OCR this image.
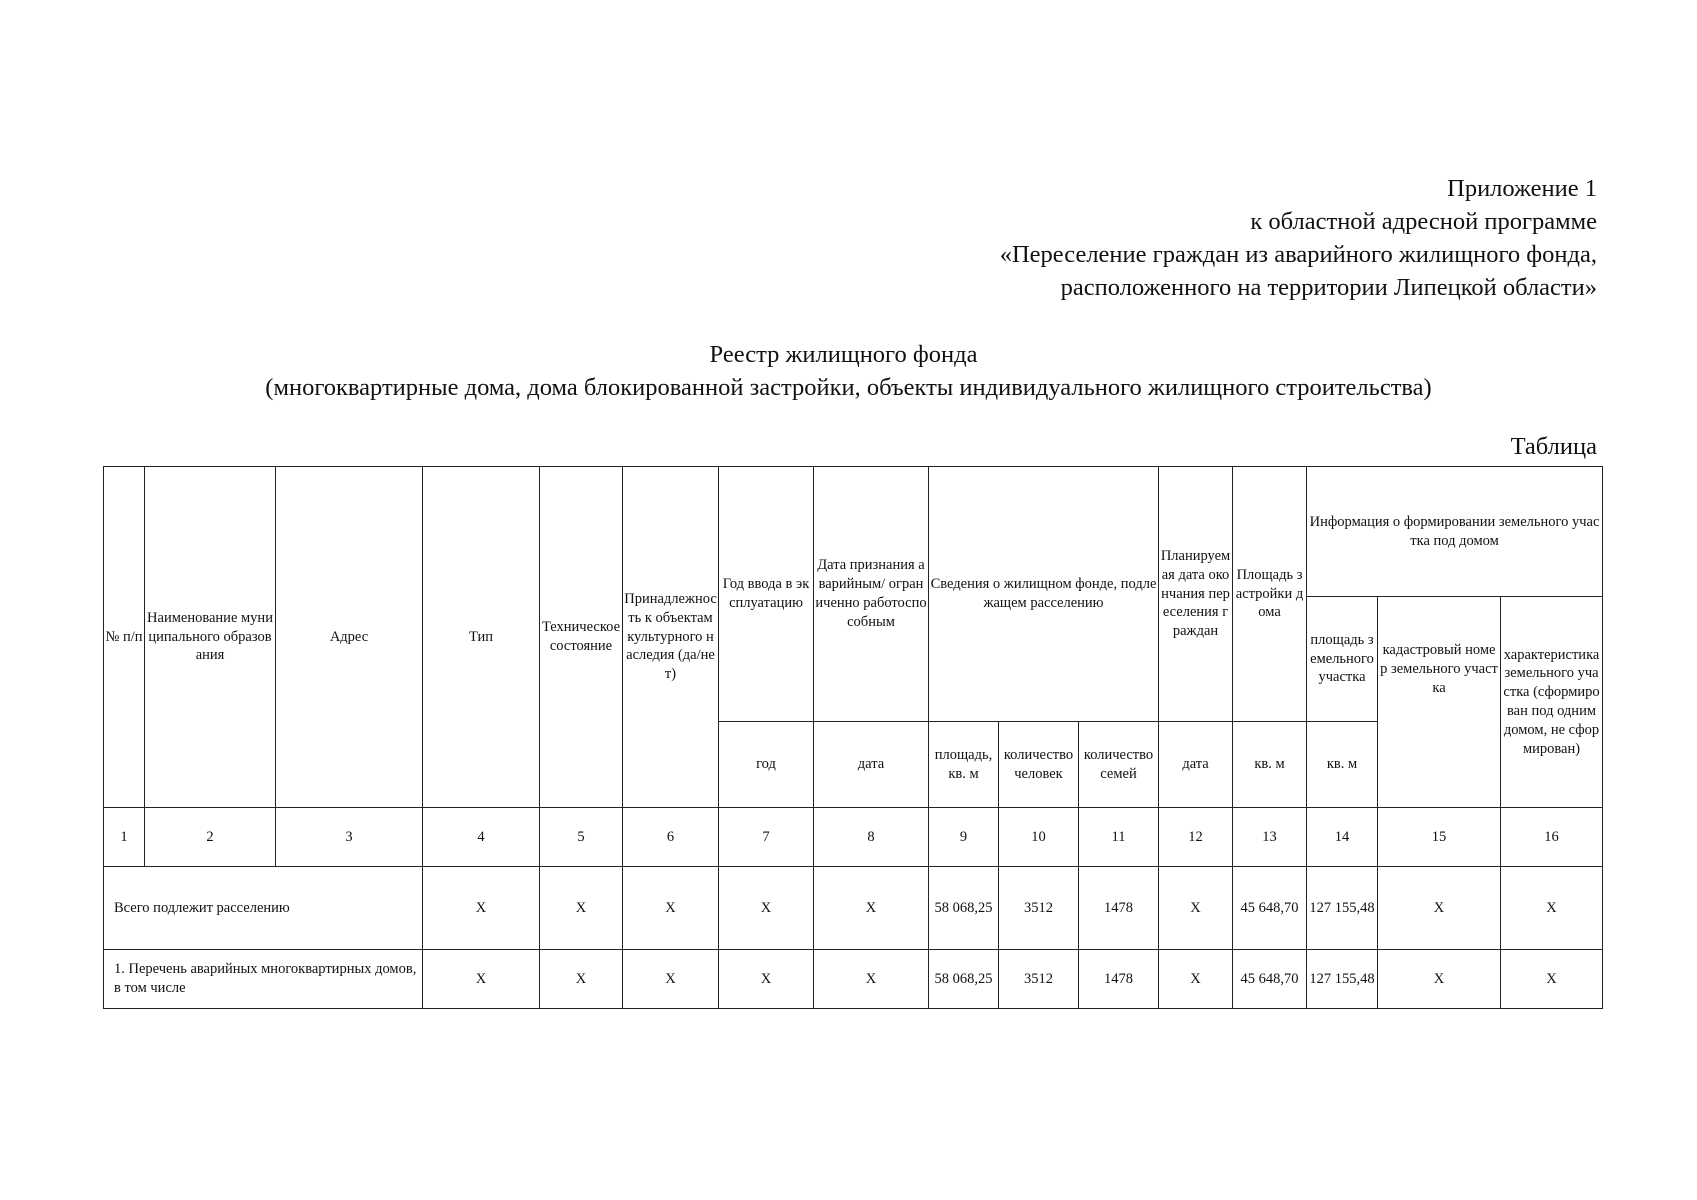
Приложение 1
к областной адресной программе
«Переселение граждан из аварийного жилищного фонда,
расположенного на территории Липецкой области»
Реестр жилищного фонда
(многоквартирные дома, дома блокированной застройки, объекты индивидуального жилищного строительства)
Таблица
№ п/п	Наименование муниципального образования	Адрес	Тип	Техническое состояние	Принадлежность к объектам культурного наследия (да/нет)	Год ввода в эксплуатацию	Дата признания аварийным/ ограниченно работоспособным	Сведения о жилищном фонде, подлежащем расселению			Планируемая дата окончания переселения граждан	Площадь застройки дома	Информация о формировании земельного участка под домом		
													площадь земельного участка	кадастровый номер земельного участка	характеристика земельного участка (сформирован под одним домом, не сформирован)
						год	дата	площадь, кв. м	количество человек	количество семей	дата	кв. м	кв. м		
1	2	3	4	5	6	7	8	9	10	11	12	13	14	15	16
Всего подлежит расселению			X	X	X	X	X	58 068,25	3512	1478	X	45 648,70	127 155,48	X	X
1. Перечень аварийных многоквартирных домов, в том числе			X	X	X	X	X	58 068,25	3512	1478	X	45 648,70	127 155,48	X	X
